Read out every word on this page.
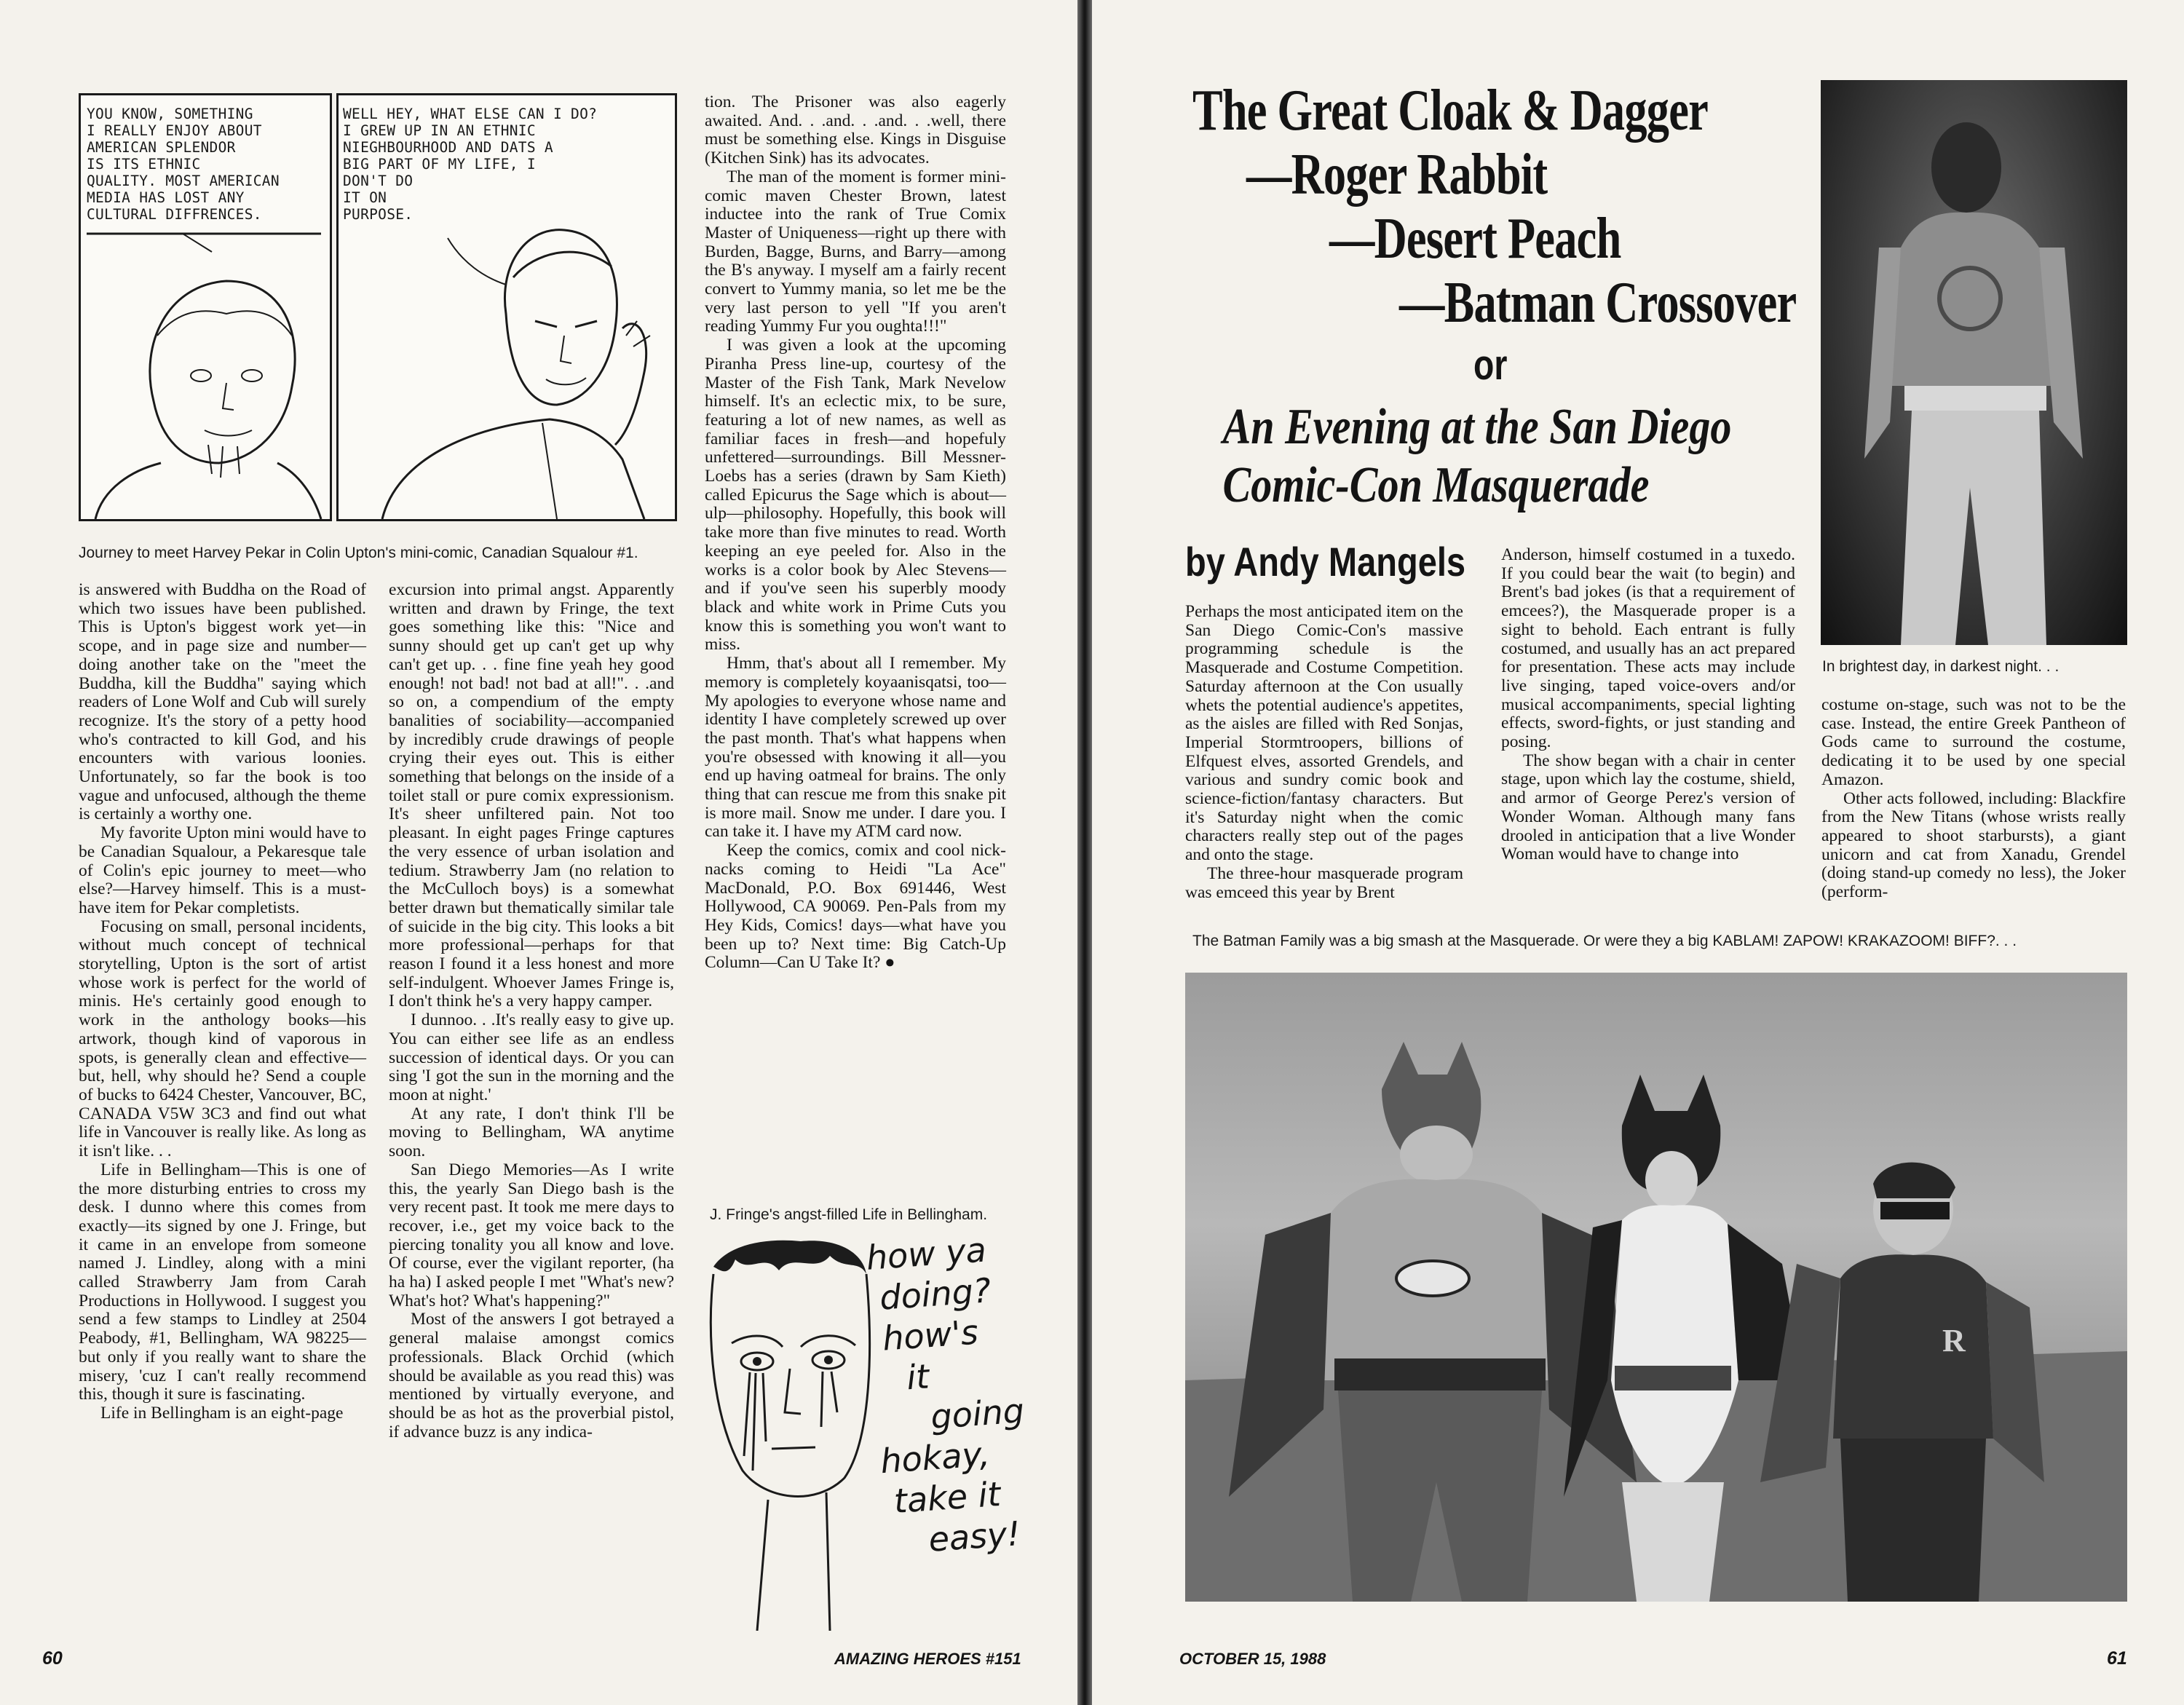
YOU KNOW, SOMETHING
I REALLY ENJOY ABOUT
AMERICAN SPLENDOR
IS ITS ETHNIC
QUALITY. MOST AMERICAN
MEDIA HAS LOST ANY
CULTURAL DIFFRENCES.
WELL HEY, WHAT ELSE CAN I DO?
I GREW UP IN AN ETHNIC
NIEGHBOURHOOD AND DATS A
BIG PART OF MY LIFE, I
DON'T DO
IT ON
PURPOSE.
Journey to meet Harvey Pekar in Colin Upton's mini-comic, Canadian Squalour #1.

is answered with Buddha on the Road of which two issues have been published. This is Upton's biggest work yet—in scope, and in page size and number—doing another take on the "meet the Buddha, kill the Buddha" saying which readers of Lone Wolf and Cub will surely recognize. It's the story of a petty hood who's contracted to kill God, and his encounters with various loonies. Unfortunately, so far the book is too vague and unfocused, although the theme is certainly a worthy one.

My favorite Upton mini would have to be Canadian Squalour, a Pekaresque tale of Colin's epic journey to meet—who else?—Harvey himself. This is a must-have item for Pekar completists.

Focusing on small, personal incidents, without much concept of technical storytelling, Upton is the sort of artist whose work is perfect for the world of minis. He's certainly good enough to work in the anthology books—his artwork, though kind of vaporous in spots, is generally clean and effective—but, hell, why should he? Send a couple of bucks to 6424 Chester, Vancouver, BC, CANADA V5W 3C3 and find out what life in Vancouver is really like. As long as it isn't like. . .

Life in Bellingham—This is one of the more disturbing entries to cross my desk. I dunno where this comes from exactly—its signed by one J. Fringe, but it came in an envelope from someone named J. Lindley, along with a mini called Strawberry Jam from Carah Productions in Hollywood. I suggest you send a few stamps to Lindley at 2504 Peabody, #1, Bellingham, WA 98225—but only if you really want to share the misery, 'cuz I can't really recommend this, though it sure is fascinating.

Life in Bellingham is an eight-page

excursion into primal angst. Apparently written and drawn by Fringe, the text goes something like this: "Nice and sunny should get up can't get up why can't get up. . . fine fine yeah hey good enough! not bad! not bad at all!". . .and so on, a compendium of the empty banalities of sociability—accompanied by incredibly crude drawings of people crying their eyes out. This is either something that belongs on the inside of a toilet stall or pure comix expressionism. It's sheer unfiltered pain. Not too pleasant. In eight pages Fringe captures the very essence of urban isolation and tedium. Strawberry Jam (no relation to the McCulloch boys) is a somewhat better drawn but thematically similar tale of suicide in the big city. This looks a bit more professional—perhaps for that reason I found it a less honest and more self-indulgent. Whoever James Fringe is, I don't think he's a very happy camper.

I dunnoo. . .It's really easy to give up. You can either see life as an endless succession of identical days. Or you can sing 'I got the sun in the morning and the moon at night.'

At any rate, I don't think I'll be moving to Bellingham, WA anytime soon.

San Diego Memories—As I write this, the yearly San Diego bash is the very recent past. It took me mere days to recover, i.e., get my voice back to the piercing tonality you all know and love. Of course, ever the vigilant reporter, (ha ha ha) I asked people I met "What's new? What's hot? What's happening?"

Most of the answers I got betrayed a general malaise amongst comics professionals. Black Orchid (which should be available as you read this) was mentioned by virtually everyone, and should be as hot as the proverbial pistol, if advance buzz is any indica-

tion. The Prisoner was also eagerly awaited. And. . .and. . .and. . .well, there must be something else. Kings in Disguise (Kitchen Sink) has its advocates.

The man of the moment is former mini-comic maven Chester Brown, latest inductee into the rank of True Comix Master of Uniqueness—right up there with Burden, Bagge, Burns, and Barry—among the B's anyway. I myself am a fairly recent convert to Yummy mania, so let me be the very last person to yell "If you aren't reading Yummy Fur you oughta!!!"

I was given a look at the upcoming Piranha Press line-up, courtesy of the Master of the Fish Tank, Mark Nevelow himself. It's an eclectic mix, to be sure, featuring a lot of new names, as well as familiar faces in fresh—and hopefuly unfettered—surroundings. Bill Messner-Loebs has a series (drawn by Sam Kieth) called Epicurus the Sage which is about—ulp—philosophy. Hopefully, this book will take more than five minutes to read. Worth keeping an eye peeled for. Also in the works is a color book by Alec Stevens—and if you've seen his superbly moody black and white work in Prime Cuts you know this is something you won't want to miss.

Hmm, that's about all I remember. My memory is completely koyaanisqatsi, too—My apologies to everyone whose name and identity I have completely screwed up over the past month. That's what happens when you're obsessed with knowing it all—you end up having oatmeal for brains. The only thing that can rescue me from this snake pit is more mail. Snow me under. I dare you. I can take it. I have my ATM card now.

Keep the comics, comix and cool nick-nacks coming to Heidi "La Ace" MacDonald, P.O. Box 691446, West Hollywood, CA 90069. Pen-Pals from my Hey Kids, Comics! days—what have you been up to? Next time: Big Catch-Up Column—Can U Take It? ●

J. Fringe's angst-filled Life in Bellingham.
how ya
doing?
how's
it
going
hokay,
take it
easy!
60	AMAZING HEROES #151
The Great Cloak & Dagger
—Roger Rabbit
—Desert Peach
—Batman Crossover
or
An Evening at the San Diego
Comic-Con Masquerade
by Andy Mangels
In brightest day, in darkest night. . .

Perhaps the most anticipated item on the San Diego Comic-Con's massive programming schedule is the Masquerade and Costume Competition. Saturday afternoon at the Con usually whets the potential audience's appetites, as the aisles are filled with Red Sonjas, Imperial Stormtroopers, billions of Elfquest elves, assorted Grendels, and various and sundry comic book and science-fiction/fantasy characters. But it's Saturday night when the comic characters really step out of the pages and onto the stage.

The three-hour masquerade program was emceed this year by Brent

Anderson, himself costumed in a tuxedo. If you could bear the wait (to begin) and Brent's bad jokes (is that a requirement of emcees?), the Masquerade proper is a sight to behold. Each entrant is fully costumed, and usually has an act prepared for presentation. These acts may include live singing, taped voice-overs and/or musical accompaniments, special lighting effects, sword-fights, or just standing and posing.

The show began with a chair in center stage, upon which lay the costume, shield, and armor of George Perez's version of Wonder Woman. Although many fans drooled in anticipation that a live Wonder Woman would have to change into

costume on-stage, such was not to be the case. Instead, the entire Greek Pantheon of Gods came to surround the costume, dedicating it to be used by one special Amazon.

Other acts followed, including: Blackfire from the New Titans (whose wrists really appeared to shoot starbursts), a giant unicorn and cat from Xanadu, Grendel (doing stand-up comedy no less), the Joker (perform-

The Batman Family was a big smash at the Masquerade. Or were they a big KABLAM! ZAPOW! KRAKAZOOM! BIFF?. . .
R
OCTOBER 15, 1988	61
